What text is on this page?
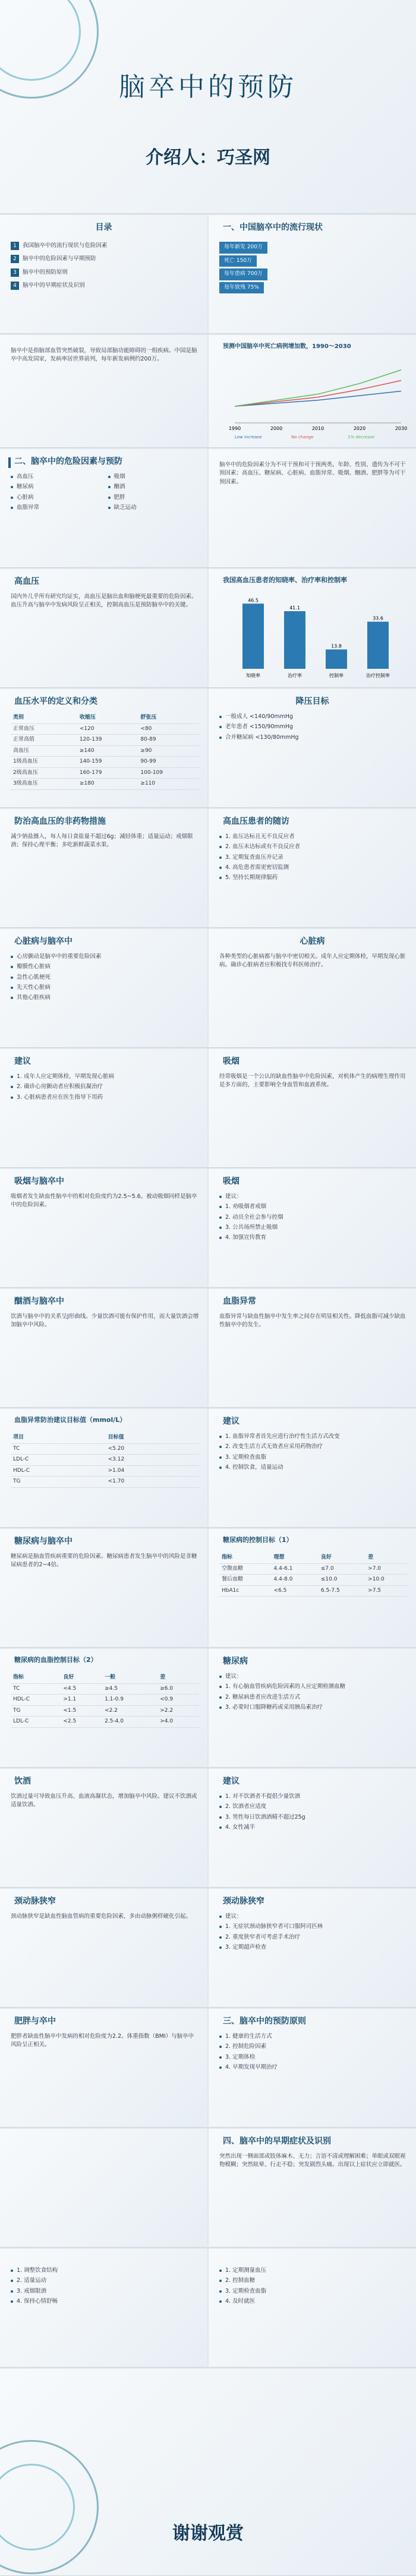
脑卒中的预防
介绍人：巧圣网
目录
1	我国脑卒中的流行现状与危险因素
2	脑卒中的危险因素与早期预防
3	脑卒中的预防原则
4	脑卒中的早期症状及识别
一、中国脑卒中的流行现状
每年新发 200万
死亡 150万
每年患病 700万
每年致残 75%
预测中国脑卒中死亡病例增加数，1990～2030
1990	2000	2010	2020	2030
Low increase	No change	1% decrease
脑卒中是指脑部血管突然破裂，导致局部脑功能障碍的一组疾病。中国是脑卒中高发国家，发病率居世界前列，每年新发病例约200万。
二、脑卒中的危险因素与预防
高血压
糖尿病
心脏病
血脂异常
吸烟
酗酒
肥胖
缺乏运动
脑卒中的危险因素分为不可干预和可干预两类。年龄、性别、遗传为不可干预因素；高血压、糖尿病、心脏病、血脂异常、吸烟、酗酒、肥胖等为可干预因素。
高血压
国内外几乎所有研究均证实，高血压是脑出血和脑梗死最重要的危险因素。血压升高与脑卒中发病风险呈正相关，控制高血压是预防脑卒中的关键。
我国高血压患者的知晓率、治疗率和控制率
46.5
知晓率
41.1
治疗率
13.8
控制率
33.6
治疗控制率
血压水平的定义和分类
类别	收缩压	舒张压
正常血压	<120	<80
正常高值	120-139	80-89
高血压	≥140	≥90
1级高血压	140-159	90-99
2级高血压	160-179	100-109
3级高血压	≥180	≥110
降压目标
一般成人 <140/90mmHg
老年患者 <150/90mmHg
合并糖尿病 <130/80mmHg
防治高血压的非药物措施
减少钠盐摄入，每人每日食盐量不超过6g；减轻体重；适量运动；戒烟限酒；保持心理平衡；多吃新鲜蔬菜水果。
高血压患者的随访
1. 血压达标且无不良反应者
2. 血压未达标或有不良反应者
3. 定期复查血压并记录
4. 高危患者需更密切监测
5. 坚持长期规律服药
心脏病与脑卒中
心房颤动是脑卒中的重要危险因素
瓣膜性心脏病
急性心肌梗死
先天性心脏病
其他心脏疾病
心脏病
各种类型的心脏病都与脑卒中密切相关。成年人应定期体检，早期发现心脏病。确诊心脏病者应积极找专科医师治疗。
建议
1. 成年人应定期体检，早期发现心脏病
2. 确诊心房颤动者应积极抗凝治疗
3. 心脏病患者应在医生指导下用药
吸烟
经常吸烟是一个公认的缺血性脑卒中危险因素，对机体产生的病理生理作用是多方面的，主要影响全身血管和血液系统。
吸烟与脑卒中
吸烟者发生缺血性脑卒中的相对危险度约为2.5~5.6。被动吸烟同样是脑卒中的危险因素。
吸烟
建议：
1. 劝吸烟者戒烟
2. 动员全社会参与控烟
3. 公共场所禁止吸烟
4. 加强宣传教育
酗酒与脑卒中
饮酒与脑卒中的关系呈J形曲线。少量饮酒可能有保护作用，而大量饮酒会增加脑卒中风险。
血脂异常
血脂异常与缺血性脑卒中发生率之间存在明显相关性。降低血脂可减少缺血性脑卒中的发生。
血脂异常防治建议目标值（mmol/L）
项目	目标值
TC	<5.20
LDL-C	<3.12
HDL-C	>1.04
TG	<1.70
建议
1. 血脂异常者首先应进行治疗性生活方式改变
2. 改变生活方式无效者应采用药物治疗
3. 定期检查血脂
4. 控制饮食，适量运动
糖尿病与脑卒中
糖尿病是脑血管疾病重要的危险因素。糖尿病患者发生脑卒中的风险是非糖尿病患者的2~4倍。
糖尿病的控制目标（1）
指标	理想	良好	差
空腹血糖	4.4-6.1	≤7.0	>7.0
餐后血糖	4.4-8.0	≤10.0	>10.0
HbA1c	<6.5	6.5-7.5	>7.5
糖尿病的血脂控制目标（2）
指标	良好	一般	差
TC	<4.5	≥4.5	≥6.0
HDL-C	>1.1	1.1-0.9	<0.9
TG	<1.5	<2.2	>2.2
LDL-C	<2.5	2.5-4.0	>4.0
糖尿病
建议：
1. 有心脑血管疾病危险因素的人应定期检测血糖
2. 糖尿病患者应改进生活方式
3. 必要时口服降糖药或采用胰岛素治疗
饮酒
饮酒过量可导致血压升高、血液高凝状态，增加脑卒中风险。建议不饮酒或适量饮酒。
建议
1. 对不饮酒者不提倡少量饮酒
2. 饮酒者应适度
3. 男性每日饮酒酒精不超过25g
4. 女性减半
颈动脉狭窄
颈动脉狭窄是缺血性脑血管病的重要危险因素，多由动脉粥样硬化引起。
颈动脉狭窄
建议：
1. 无症状颈动脉狭窄者可口服阿司匹林
2. 重度狭窄者可考虑手术治疗
3. 定期超声检查
肥胖与卒中
肥胖者缺血性脑卒中发病的相对危险度为2.2。体重指数（BMI）与脑卒中风险呈正相关。
三、脑卒中的预防原则
1. 健康的生活方式
2. 控制危险因素
3. 定期体检
4. 早期发现早期治疗
四、脑卒中的早期症状及识别
突然出现一侧面部或肢体麻木、无力；言语不清或理解困难；单眼或双眼视物模糊；突然眩晕、行走不稳；突发剧烈头痛。出现以上症状应立即就医。
1. 调整饮食结构
2. 适量运动
3. 戒烟限酒
4. 保持心情舒畅
1. 定期测量血压
2. 控制血糖
3. 定期检查血脂
4. 及时就医
谢谢观赏
